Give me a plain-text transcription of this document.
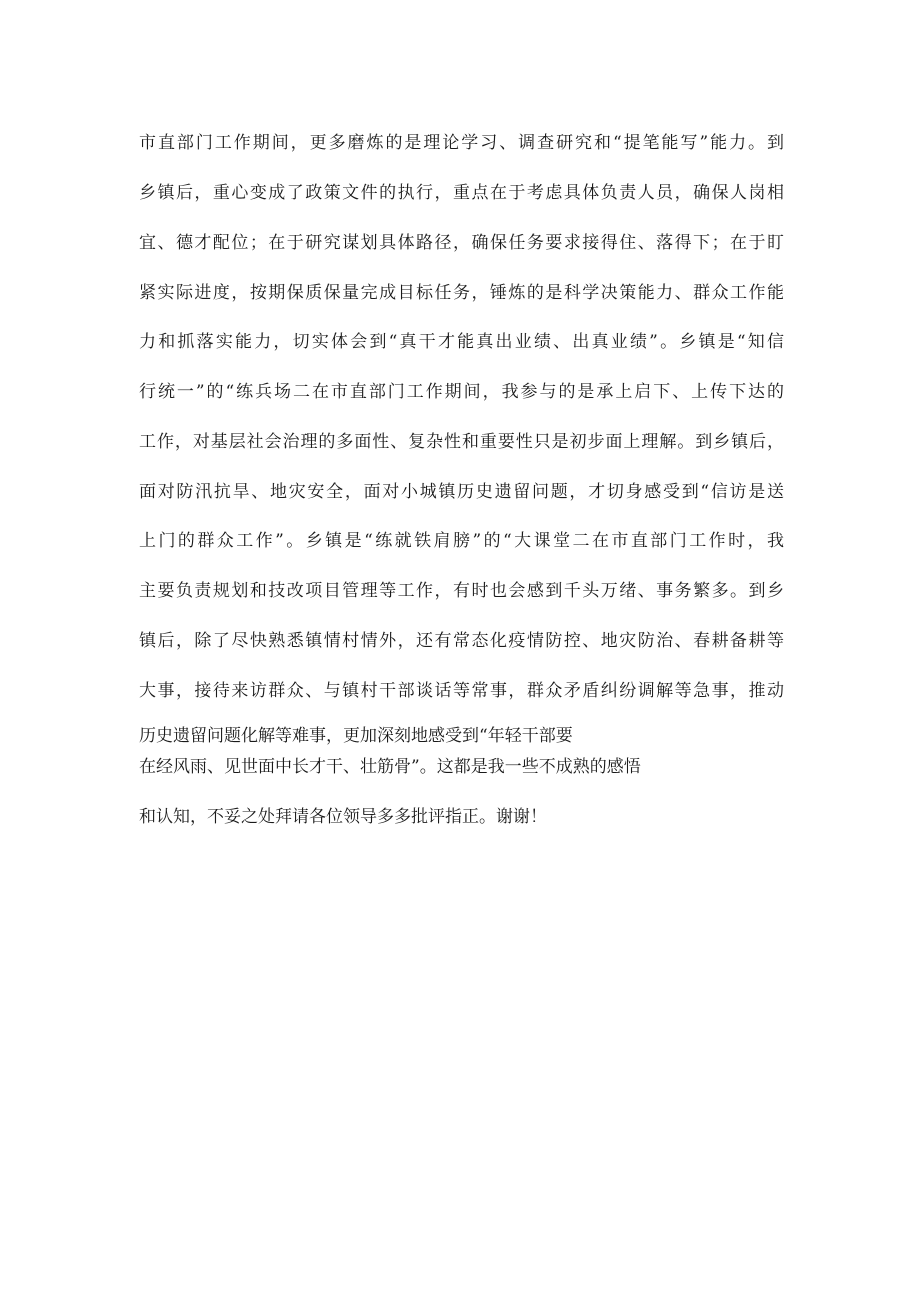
市直部门工作期间，更多磨炼的是理论学习、调查研究和“提笔能写”能力。到
乡镇后，重心变成了政策文件的执行，重点在于考虑具体负责人员，确保人岗相
宜、德才配位；在于研究谋划具体路径，确保任务要求接得住、落得下；在于盯
紧实际进度，按期保质保量完成目标任务，锤炼的是科学决策能力、群众工作能
力和抓落实能力，切实体会到“真干才能真出业绩、出真业绩”。乡镇是“知信
行统一”的“练兵场二在市直部门工作期间，我参与的是承上启下、上传下达的
工作，对基层社会治理的多面性、复杂性和重要性只是初步面上理解。到乡镇后，
面对防汛抗旱、地灾安全，面对小城镇历史遗留问题，才切身感受到“信访是送
上门的群众工作”。乡镇是“练就铁肩膀”的“大课堂二在市直部门工作时，我
主要负责规划和技改项目管理等工作，有时也会感到千头万绪、事务繁多。到乡
镇后，除了尽快熟悉镇情村情外，还有常态化疫情防控、地灾防治、春耕备耕等
大事，接待来访群众、与镇村干部谈话等常事，群众矛盾纠纷调解等急事，推动
历史遗留问题化解等难事，更加深刻地感受到“年轻干部要
在经风雨、见世面中长才干、壮筋骨”。这都是我一些不成熟的感悟
和认知，不妥之处拜请各位领导多多批评指正。谢谢！
